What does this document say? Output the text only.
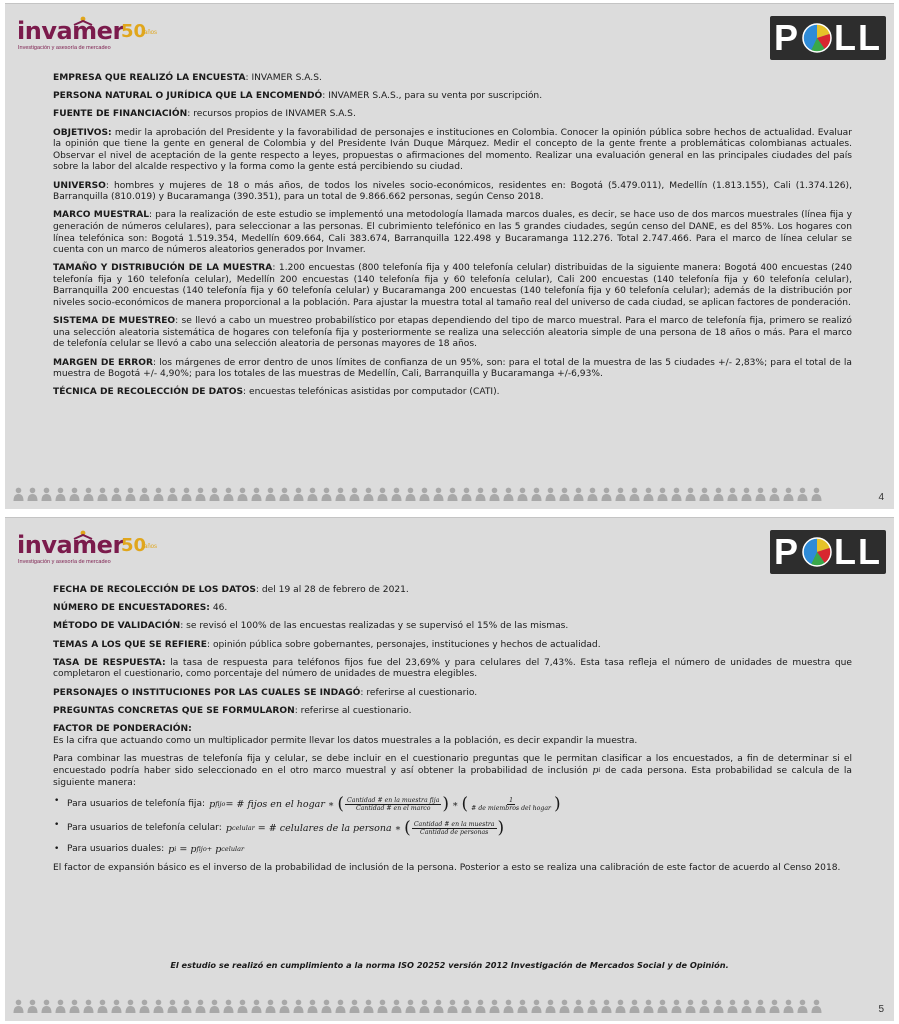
invamer
50
años
Investigación y asesoría de mercadeo	P LL

EMPRESA QUE REALIZÓ LA ENCUESTA: INVAMER S.A.S.

PERSONA NATURAL O JURÍDICA QUE LA ENCOMENDÓ: INVAMER S.A.S., para su venta por suscripción.

FUENTE DE FINANCIACIÓN: recursos propios de INVAMER S.A.S.

OBJETIVOS: medir la aprobación del Presidente y la favorabilidad de personajes e instituciones en Colombia. Conocer la opinión pública sobre hechos de actualidad. Evaluar la opinión que tiene la gente en general de Colombia y del Presidente Iván Duque Márquez. Medir el concepto de la gente frente a problemáticas colombianas actuales. Observar el nivel de aceptación de la gente respecto a leyes, propuestas o afirmaciones del momento. Realizar una evaluación general en las principales ciudades del país sobre la labor del alcalde respectivo y la forma como la gente está percibiendo su ciudad.

UNIVERSO: hombres y mujeres de 18 o más años, de todos los niveles socio-económicos, residentes en: Bogotá (5.479.011), Medellín (1.813.155), Cali (1.374.126), Barranquilla (810.019) y Bucaramanga (390.351), para un total de 9.866.662 personas, según Censo 2018.

MARCO MUESTRAL: para la realización de este estudio se implementó una metodología llamada marcos duales, es decir, se hace uso de dos marcos muestrales (línea fija y generación de números celulares), para seleccionar a las personas. El cubrimiento telefónico en las 5 grandes ciudades, según censo del DANE, es del 85%. Los hogares con línea telefónica son: Bogotá 1.519.354, Medellín 609.664, Cali 383.674, Barranquilla 122.498 y Bucaramanga 112.276. Total 2.747.466. Para el marco de línea celular se cuenta con un marco de números aleatorios generados por Invamer.

TAMAÑO Y DISTRIBUCIÓN DE LA MUESTRA: 1.200 encuestas (800 telefonía fija y 400 telefonía celular) distribuidas de la siguiente manera: Bogotá 400 encuestas (240 telefonía fija y 160 telefonía celular), Medellín 200 encuestas (140 telefonía fija y 60 telefonía celular), Cali 200 encuestas (140 telefonía fija y 60 telefonía celular), Barranquilla 200 encuestas (140 telefonía fija y 60 telefonía celular) y Bucaramanga 200 encuestas (140 telefonía fija y 60 telefonía celular); además de la distribución por niveles socio-económicos de manera proporcional a la población. Para ajustar la muestra total al tamaño real del universo de cada ciudad, se aplican factores de ponderación.

SISTEMA DE MUESTREO: se llevó a cabo un muestreo probabilístico por etapas dependiendo del tipo de marco muestral. Para el marco de telefonía fija, primero se realizó una selección aleatoria sistemática de hogares con telefonía fija y posteriormente se realiza una selección aleatoria simple de una persona de 18 años o más. Para el marco de telefonía celular se llevó a cabo una selección aleatoria de personas mayores de 18 años.

MARGEN DE ERROR: los márgenes de error dentro de unos límites de confianza de un 95%, son: para el total de la muestra de las 5 ciudades +/- 2,83%; para el total de la muestra de Bogotá +/- 4,90%; para los totales de las muestras de Medellín, Cali, Barranquilla y Bucaramanga +/-6,93%.

TÉCNICA DE RECOLECCIÓN DE DATOS: encuestas telefónicas asistidas por computador (CATI).

4
invamer
50
años
Investigación y asesoría de mercadeo	P LL

FECHA DE RECOLECCIÓN DE LOS DATOS: del 19 al 28 de febrero de 2021.

NÚMERO DE ENCUESTADORES: 46.

MÉTODO DE VALIDACIÓN: se revisó el 100% de las encuestas realizadas y se supervisó el 15% de las mismas.

TEMAS A LOS QUE SE REFIERE: opinión pública sobre gobernantes, personajes, instituciones y hechos de actualidad.

TASA DE RESPUESTA: la tasa de respuesta para teléfonos fijos fue del 23,69% y para celulares del 7,43%. Esta tasa refleja el número de unidades de muestra que completaron el cuestionario, como porcentaje del número de unidades de muestra elegibles.

PERSONAJES O INSTITUCIONES POR LAS CUALES SE INDAGÓ: referirse al cuestionario.

PREGUNTAS CONCRETAS QUE SE FORMULARON: referirse al cuestionario.

FACTOR DE PONDERACIÓN:

Es la cifra que actuando como un multiplicador permite llevar los datos muestrales a la población, es decir expandir la muestra.

Para combinar las muestras de telefonía fija y celular, se debe incluir en el cuestionario preguntas que le permitan clasificar a los encuestados, a fin de determinar si el encuestado podría haber sido seleccionado en el otro marco muestral y así obtener la probabilidad de inclusión p i de cada persona. Esta probabilidad se calcula de la siguiente manera:

• Para usuarios de telefonía fija: p fijo = # fijos en el hogar ∗ ( $\frac{\text{Cantidad \# en la muestra fija}}{\text{Cantidad \# en el marco}}$ ) ∗ ( $\frac{1}{\text{\# de miembros del hogar}}$ )
• Para usuarios de telefonía celular: p celular = # celulares de la persona ∗ ( $\frac{\text{Cantidad \# en la muestra}}{\text{Cantidad de personas}}$ )
• Para usuarios duales: p i = p fijo+ p celular

El factor de expansión básico es el inverso de la probabilidad de inclusión de la persona. Posterior a esto se realiza una calibración de este factor de acuerdo al Censo 2018.

El estudio se realizó en cumplimiento a la norma ISO 20252 versión 2012 Investigación de Mercados Social y de Opinión.

5
